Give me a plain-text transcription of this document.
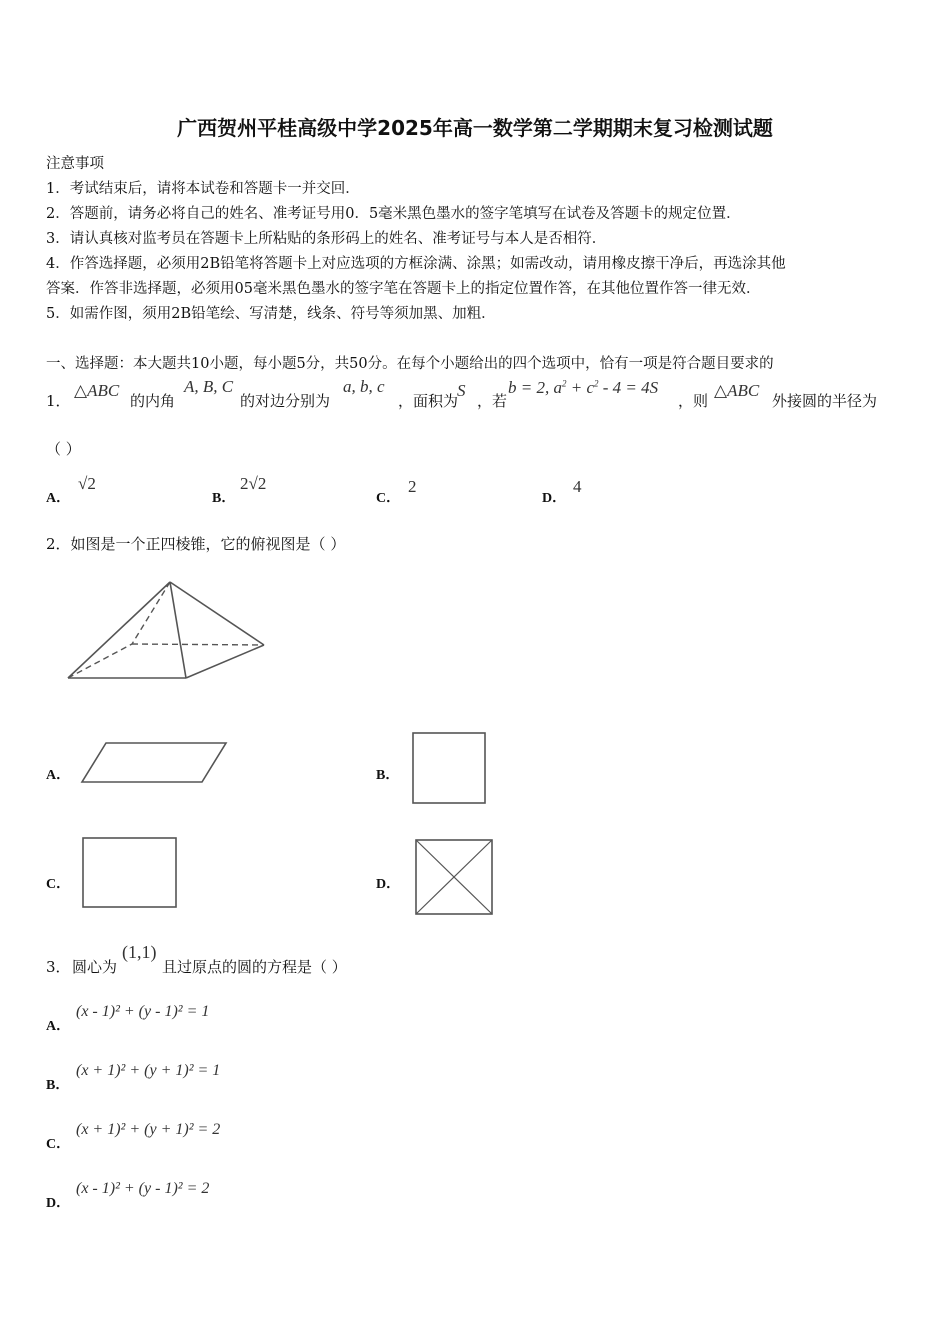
广西贺州平桂高级中学2025年高一数学第二学期期末复习检测试题
注意事项
1．考试结束后，请将本试卷和答题卡一并交回．
2．答题前，请务必将自己的姓名、准考证号用0．5毫米黑色墨水的签字笔填写在试卷及答题卡的规定位置．
3．请认真核对监考员在答题卡上所粘贴的条形码上的姓名、准考证号与本人是否相符．
4．作答选择题，必须用2B铅笔将答题卡上对应选项的方框涂满、涂黑；如需改动，请用橡皮擦干净后，再选涂其他
答案．作答非选择题，必须用05毫米黑色墨水的签字笔在答题卡上的指定位置作答，在其他位置作答一律无效．
5．如需作图，须用2B铅笔绘、写清楚，线条、符号等须加黑、加粗．
一、选择题：本大题共10小题，每小题5分，共50分。在每个小题给出的四个选项中，恰有一项是符合题目要求的
1．
△ABC
的内角
A, B, C
的对边分别为
a, b, c
，面积为
S
，若
b = 2, $a^2 + c^2 - 4 = 4S$
，则
△ABC
外接圆的半径为
（ ）
A．
√2
B．
2√2
C．
2
D．
4
2．如图是一个正四棱锥，它的俯视图是（ ）
A．	B．
C．	D．
3． 圆心为
(1,1)
且过原点的圆的方程是（ ）
A．
(x - 1)² + (y - 1)² = 1
B．
(x + 1)² + (y + 1)² = 1
C．
(x + 1)² + (y + 1)² = 2
D．
(x - 1)² + (y - 1)² = 2
